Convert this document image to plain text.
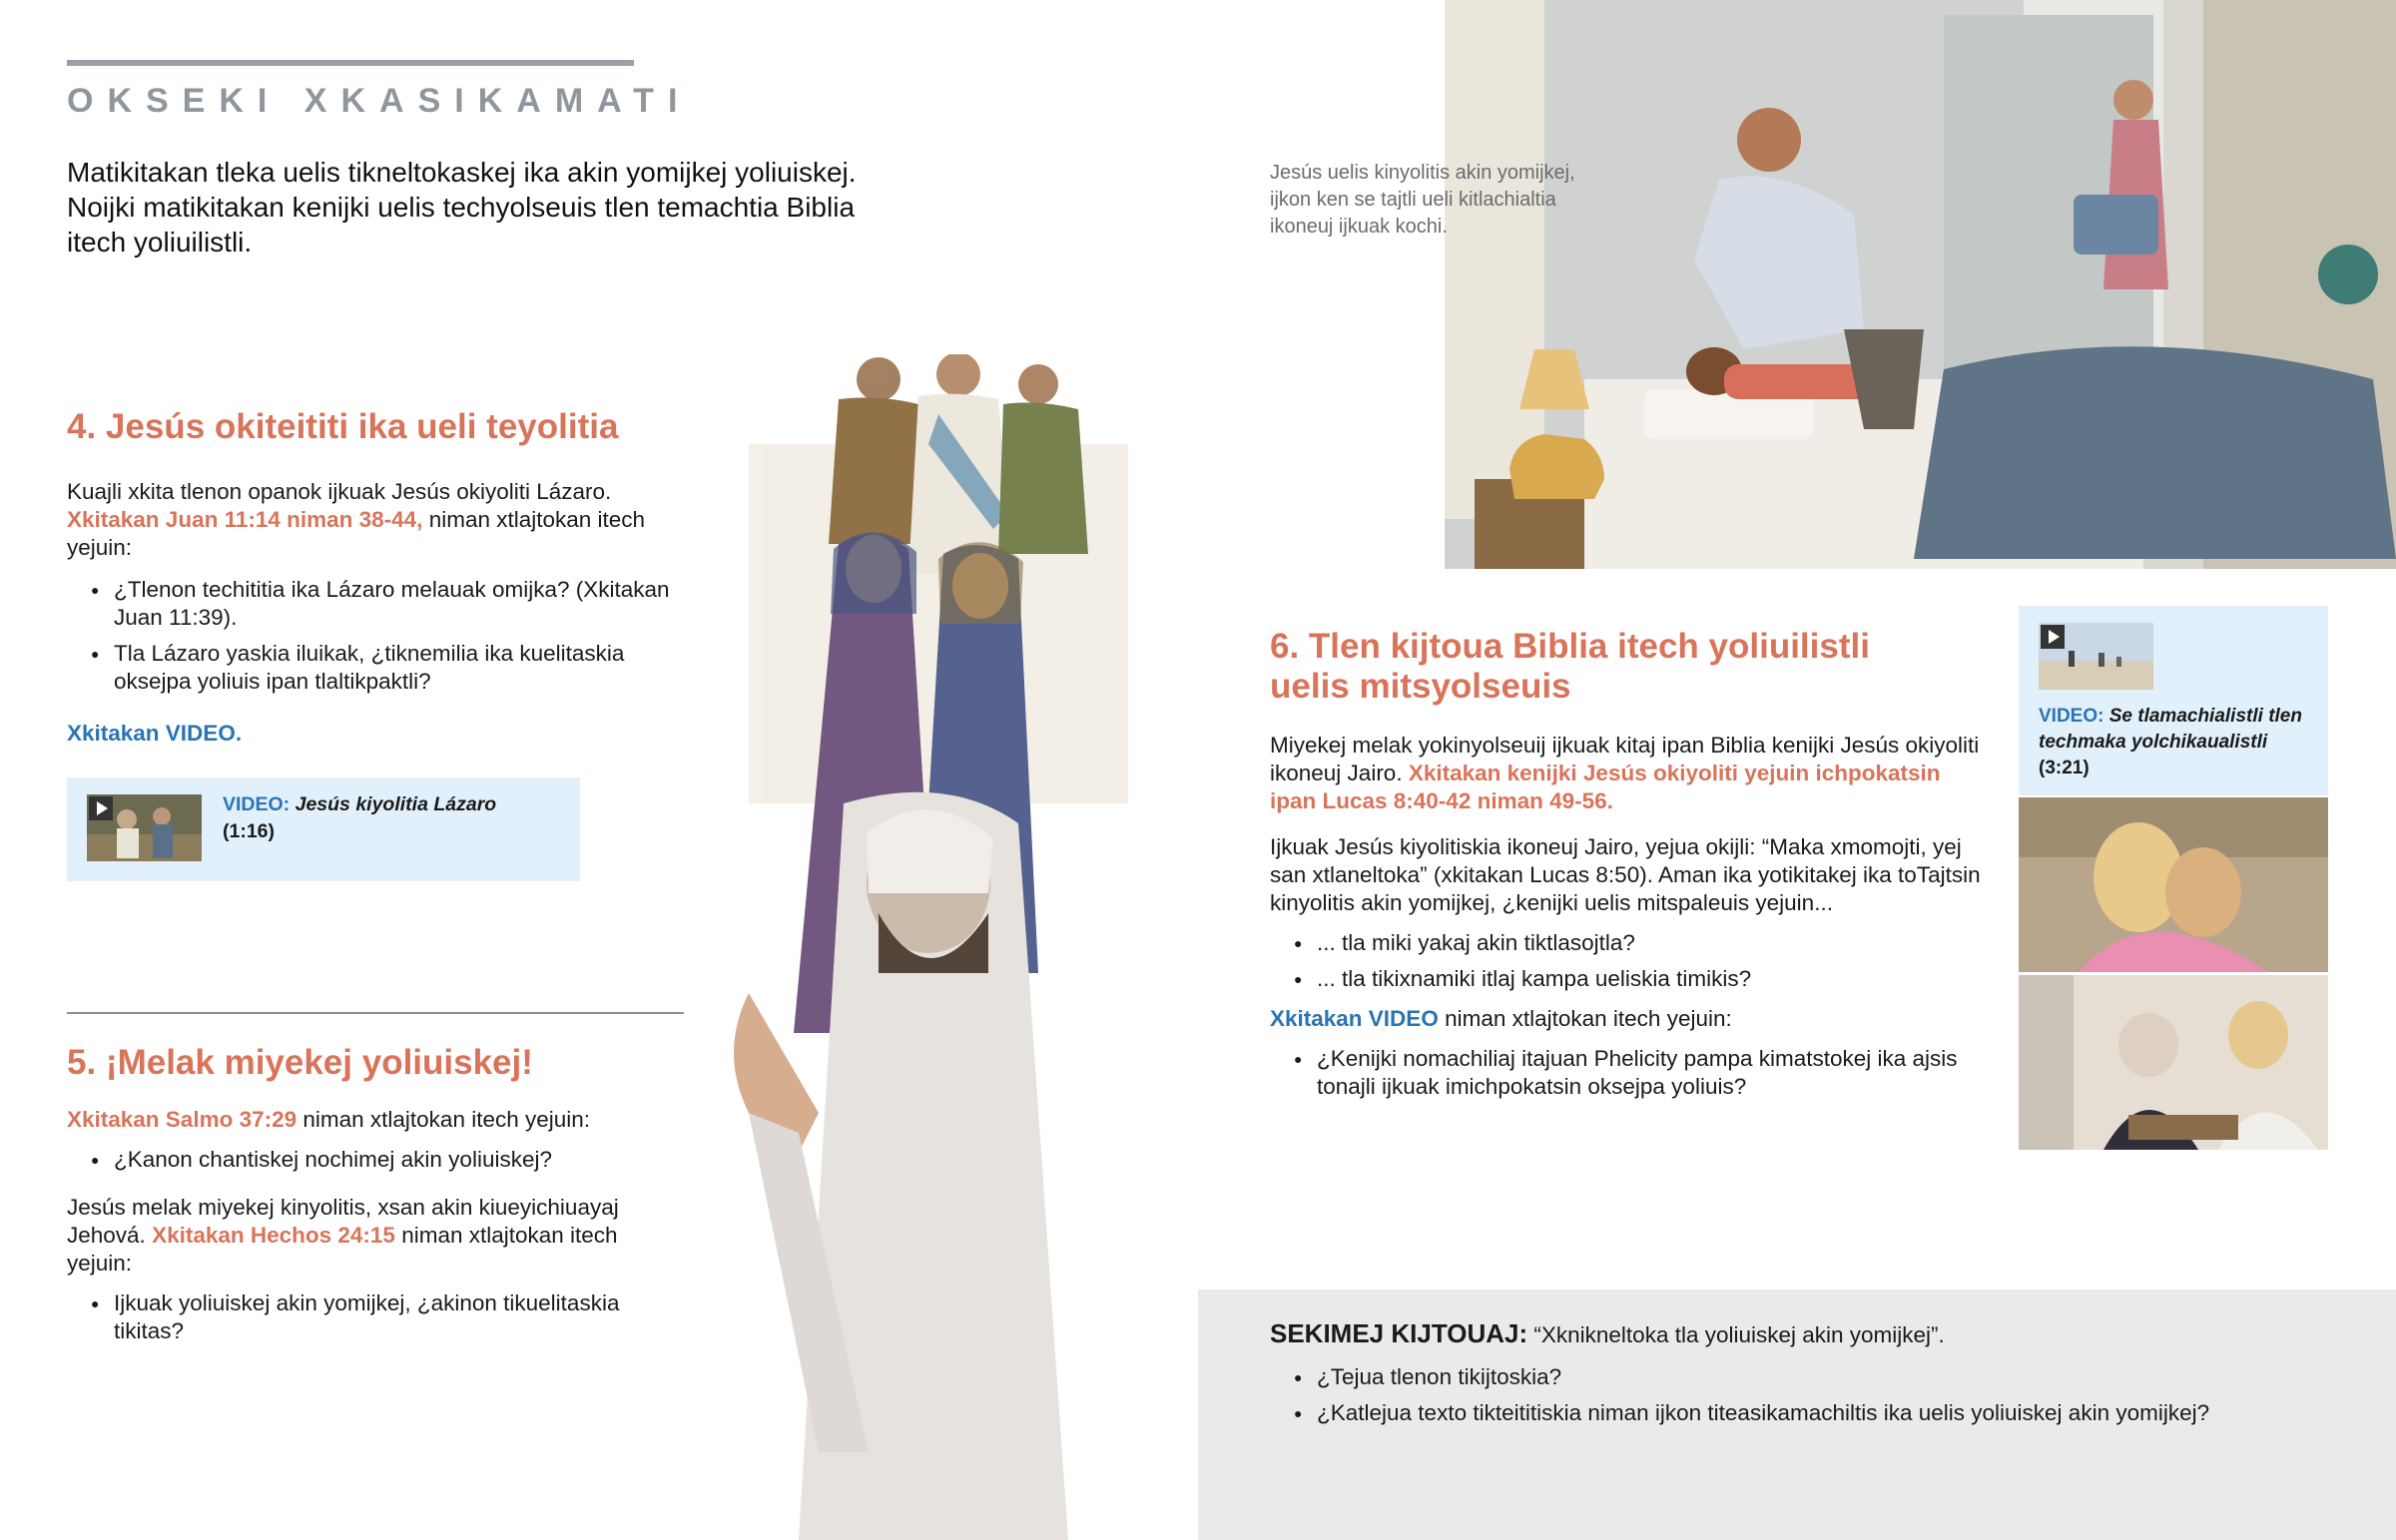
OKSEKI XKASIKAMATI

Matikitakan tleka uelis tikneltokaskej ika akin yomijkej yoliuiskej. Noijki matikitakan kenijki uelis techyolseuis tlen temachtia Biblia itech yoliuilistli.

4. Jesús okiteititi ika ueli teyolitia

Kuajli xkita tlenon opanok ijkuak Jesús okiyoliti Lázaro.
Xkitakan Juan 11:14 niman 38-44, niman xtlajtokan itech yejuin:

● ¿Tlenon techititia ika Lázaro melauak omijka? (Xkitakan Juan 11:39).
● Tla Lázaro yaskia iluikak, ¿tiknemilia ika kuelitaskia oksejpa yoliuis ipan tlaltikpaktli?

Xkitakan VIDEO.

VIDEO: Jesús kiyolitia Lázaro
(1:16)
5. ¡Melak miyekej yoliuiskej!

Xkitakan Salmo 37:29 niman xtlajtokan itech yejuin:

● ¿Kanon chantiskej nochimej akin yoliuiskej?

Jesús melak miyekej kinyolitis, xsan akin kiueyichiuayaj Jehová. Xkitakan Hechos 24:15 niman xtlajtokan itech yejuin:

● Ijkuak yoliuiskej akin yomijkej, ¿akinon tikuelitaskia tikitas?
Jesús uelis kinyolitis akin yomijkej, ijkon ken se tajtli ueli kitlachialtia ikoneuj ijkuak kochi.
6. Tlen kijtoua Biblia itech yoliuilistli uelis mitsyolseuis

Miyekej melak yokinyolseuij ijkuak kitaj ipan Biblia kenijki Jesús okiyoliti ikoneuj Jairo. Xkitakan kenijki Jesús okiyoliti yejuin ichpokatsin ipan Lucas 8:40-42 niman 49-56.

Ijkuak Jesús kiyolitiskia ikoneuj Jairo, yejua okijli: “Maka xmomojti, yej san xtlaneltoka” (xkitakan Lucas 8:50). Aman ika yotikitakej ika toTajtsin kinyolitis akin yomijkej, ¿kenijki uelis mitspaleuis yejuin...

● ... tla miki yakaj akin tiktlasojtla?
● ... tla tikixnamiki itlaj kampa ueliskia timikis?

Xkitakan VIDEO niman xtlajtokan itech yejuin:

● ¿Kenijki nomachiliaj itajuan Phelicity pampa kimatstokej ika ajsis tonajli ijkuak imichpokatsin oksejpa yoliuis?
VIDEO: Se tlamachialistli tlen techmaka yolchikaualistli
(3:21)

SEKIMEJ KIJTOUAJ: “Xknikneltoka tla yoliuiskej akin yomijkej”.

● ¿Tejua tlenon tikijtoskia?
● ¿Katlejua texto tikteititiskia niman ijkon titeasikamachiltis ika uelis yoliuiskej akin yomijkej?
